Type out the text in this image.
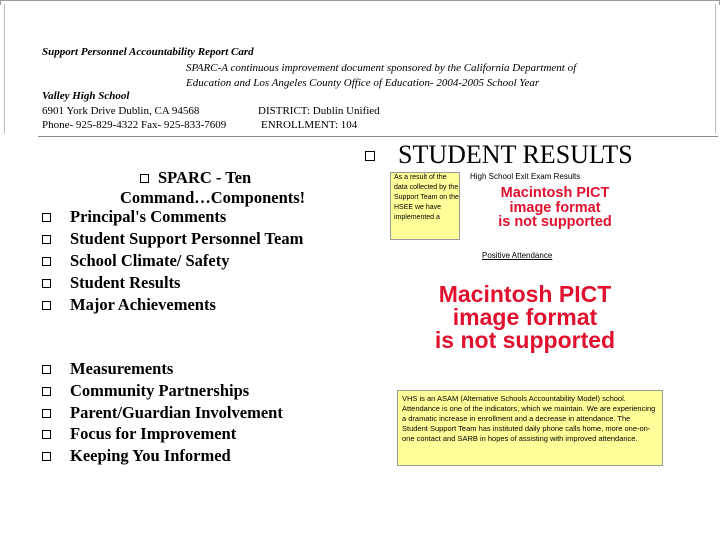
Support Personnel Accountability Report Card
SPARC-A continuous improvement document sponsored by the California Department of
Education and Los Angeles County Office of Education- 2004-2005 School Year
Valley High School
6901 York Drive Dublin, CA 94568	DISTRICT: Dublin Unified
Phone- 925-829-4322 Fax- 925-833-7609	ENROLLMENT: 104
SPARC - Ten
Command…Components!
Principal's Comments
Student Support Personnel Team
School Climate/ Safety
Student Results
Major Achievements
Measurements
Community Partnerships
Parent/Guardian Involvement
Focus for Improvement
Keeping You Informed
STUDENT RESULTS
As a result of the data collected by the Support Team on the HSEE we have implemented a
High School Exit Exam Results
Macintosh PICT
image format
is not supported
Positive Attendance
Macintosh PICT
image format
is not supported
VHS is an ASAM (Alternative Schools Accountability Model) school. Attendance is one of the indicators, which we maintain. We are experiencing a dramatic increase in enrollment and a decrease in attendance. The Student Support Team has instituted daily phone calls home, more one-on-one contact and SARB in hopes of assisting with improved attendance.
